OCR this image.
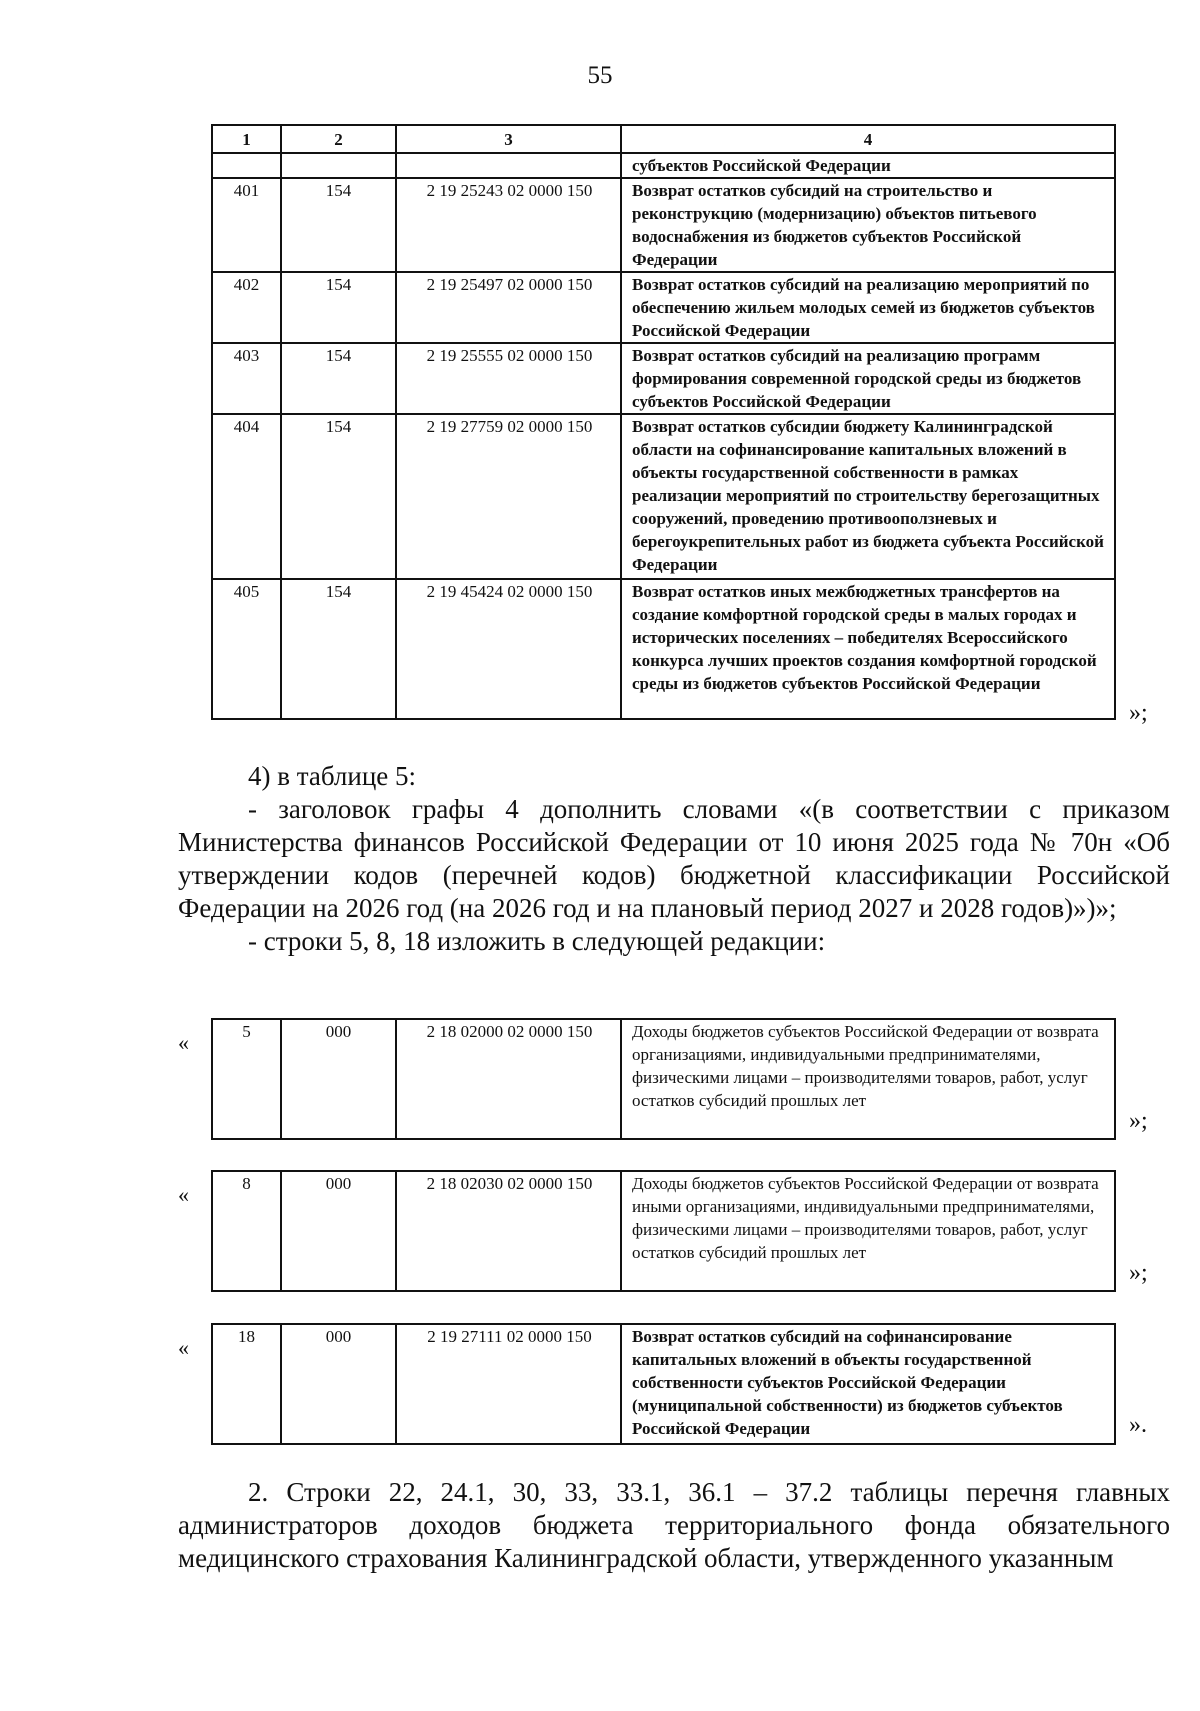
55
1	2	3	4
			субъектов Российской Федерации
401	154	2 19 25243 02 0000 150	Возврат остатков субсидий на строительство и реконструкцию (модернизацию) объектов питьевого водоснабжения из бюджетов субъектов Российской Федерации
402	154	2 19 25497 02 0000 150	Возврат остатков субсидий на реализацию мероприятий по обеспечению жильем молодых семей из бюджетов субъектов Российской Федерации
403	154	2 19 25555 02 0000 150	Возврат остатков субсидий на реализацию программ формирования современной городской среды из бюджетов субъектов Российской Федерации
404	154	2 19 27759 02 0000 150	Возврат остатков субсидии бюджету Калининградской области на софинансирование капитальных вложений в объекты государственной собственности в рамках реализации мероприятий по строительству берегозащитных сооружений, проведению противооползневых и берегоукрепительных работ из бюджета субъекта Российской Федерации
405	154	2 19 45424 02 0000 150	Возврат остатков иных межбюджетных трансфертов на создание комфортной городской среды в малых городах и исторических поселениях – победителях Всероссийского конкурса лучших проектов создания комфортной городской среды из бюджетов субъектов Российской Федерации
»;

4) в таблице 5:

- заголовок графы 4 дополнить словами «(в соответствии с приказом Министерства финансов Российской Федерации от 10 июня 2025 года № 70н «Об утверждении кодов (перечней кодов) бюджетной классификации Российской Федерации на 2026 год (на 2026 год и на плановый период 2027 и 2028 годов)»)»;

- строки 5, 8, 18 изложить в следующей редакции:

«	5	000	2 18 02000 02 0000 150	Доходы бюджетов субъектов Российской Федерации от возврата организациями, индивидуальными предпринимателями, физическими лицами – производителями товаров, работ, услуг остатков субсидий прошлых лет
»;
«	8	000	2 18 02030 02 0000 150	Доходы бюджетов субъектов Российской Федерации от возврата иными организациями, индивидуальными предпринимателями, физическими лицами – производителями товаров, работ, услуг остатков субсидий прошлых лет
»;
«	18	000	2 19 27111 02 0000 150	Возврат остатков субсидий на софинансирование капитальных вложений в объекты государственной собственности субъектов Российской Федерации (муниципальной собственности) из бюджетов субъектов Российской Федерации	».

2. Строки 22, 24.1, 30, 33, 33.1, 36.1 – 37.2 таблицы перечня главных администраторов доходов бюджета территориального фонда обязательного медицинского страхования Калининградской области, утвержденного указанным
